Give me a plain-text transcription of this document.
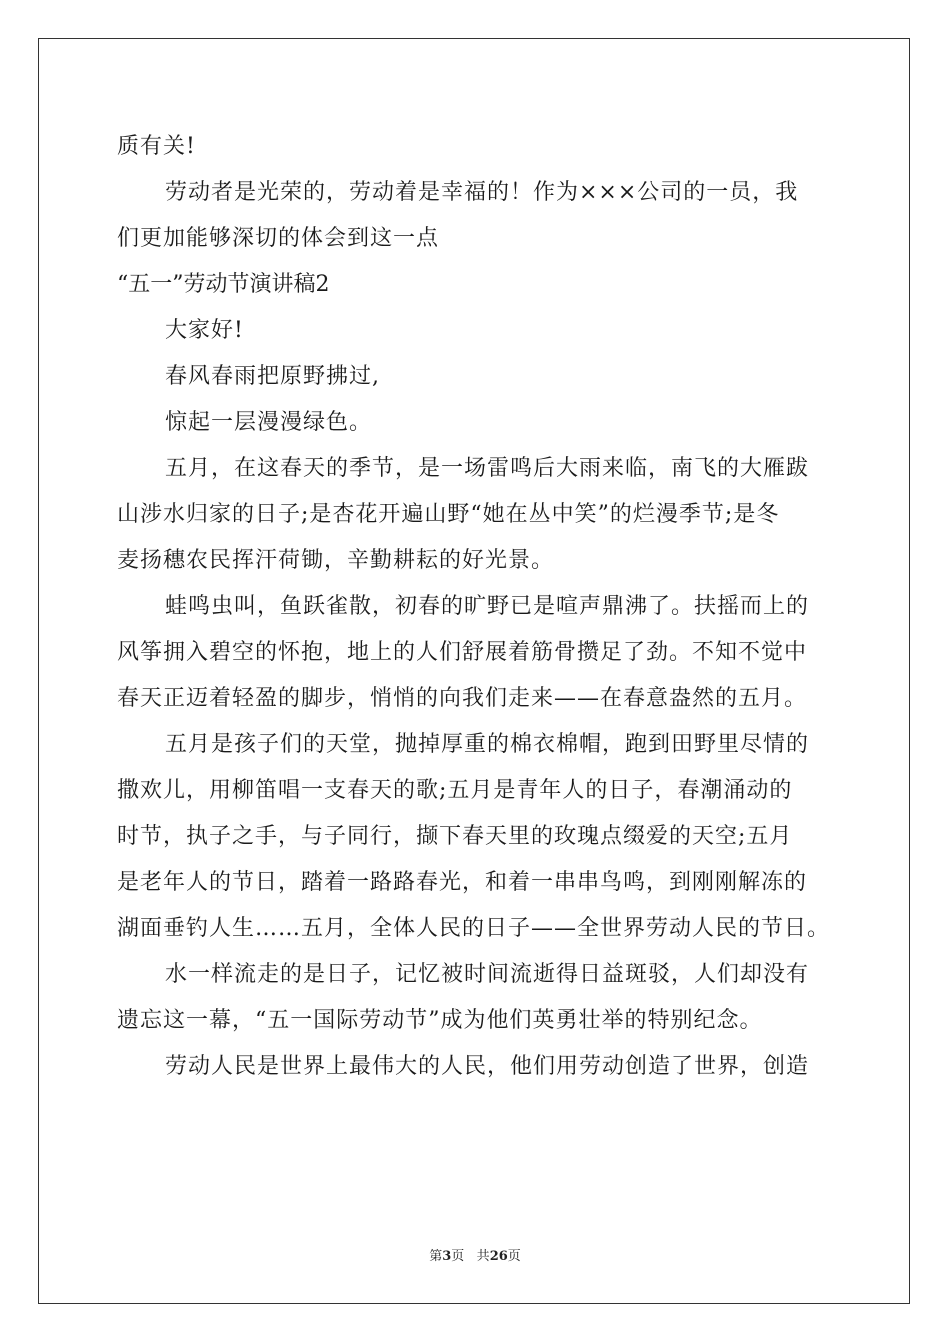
质有关!
劳动者是光荣的，劳动着是幸福的！作为×××公司的一员，我
们更加能够深切的体会到这一点
“五一”劳动节演讲稿2
大家好!
春风春雨把原野拂过,
惊起一层漫漫绿色。
五月，在这春天的季节，是一场雷鸣后大雨来临，南飞的大雁跋
山涉水归家的日子;是杏花开遍山野“她在丛中笑”的烂漫季节;是冬
麦扬穗农民挥汗荷锄，辛勤耕耘的好光景。
蛙鸣虫叫，鱼跃雀散，初春的旷野已是喧声鼎沸了。扶摇而上的
风筝拥入碧空的怀抱，地上的人们舒展着筋骨攒足了劲。不知不觉中
春天正迈着轻盈的脚步，悄悄的向我们走来——在春意盎然的五月。
五月是孩子们的天堂，抛掉厚重的棉衣棉帽，跑到田野里尽情的
撒欢儿，用柳笛唱一支春天的歌;五月是青年人的日子，春潮涌动的
时节，执子之手，与子同行，撷下春天里的玫瑰点缀爱的天空;五月
是老年人的节日，踏着一路路春光，和着一串串鸟鸣，到刚刚解冻的
湖面垂钓人生……五月，全体人民的日子——全世界劳动人民的节日。
水一样流走的是日子，记忆被时间流逝得日益斑驳，人们却没有
遗忘这一幕，“五一国际劳动节”成为他们英勇壮举的特别纪念。
劳动人民是世界上最伟大的人民，他们用劳动创造了世界，创造
第3页 共26页
